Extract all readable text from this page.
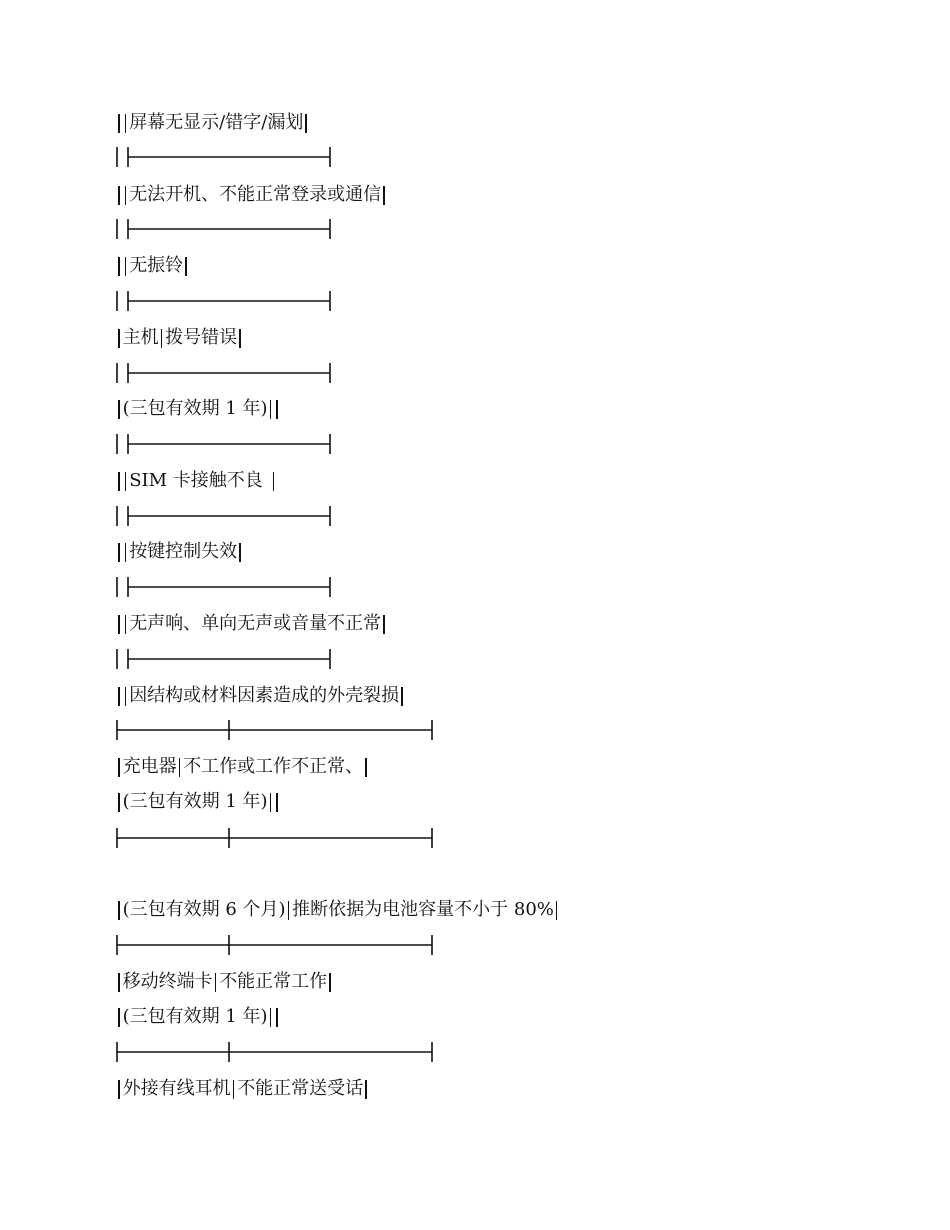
屏幕无显示/错字/漏划
无法开机、不能正常登录或通信
无振铃
主机 拨号错误
(三包有效期 1 年)
SIM 卡接触不良
按键控制失效
无声响、单向无声或音量不正常
因结构或材料因素造成的外壳裂损
充电器 不工作或工作不正常、
(三包有效期 1 年)
(三包有效期 6 个月) 推断依据为电池容量不小于 80%
移动终端卡 不能正常工作
(三包有效期 1 年)
外接有线耳机 不能正常送受话
